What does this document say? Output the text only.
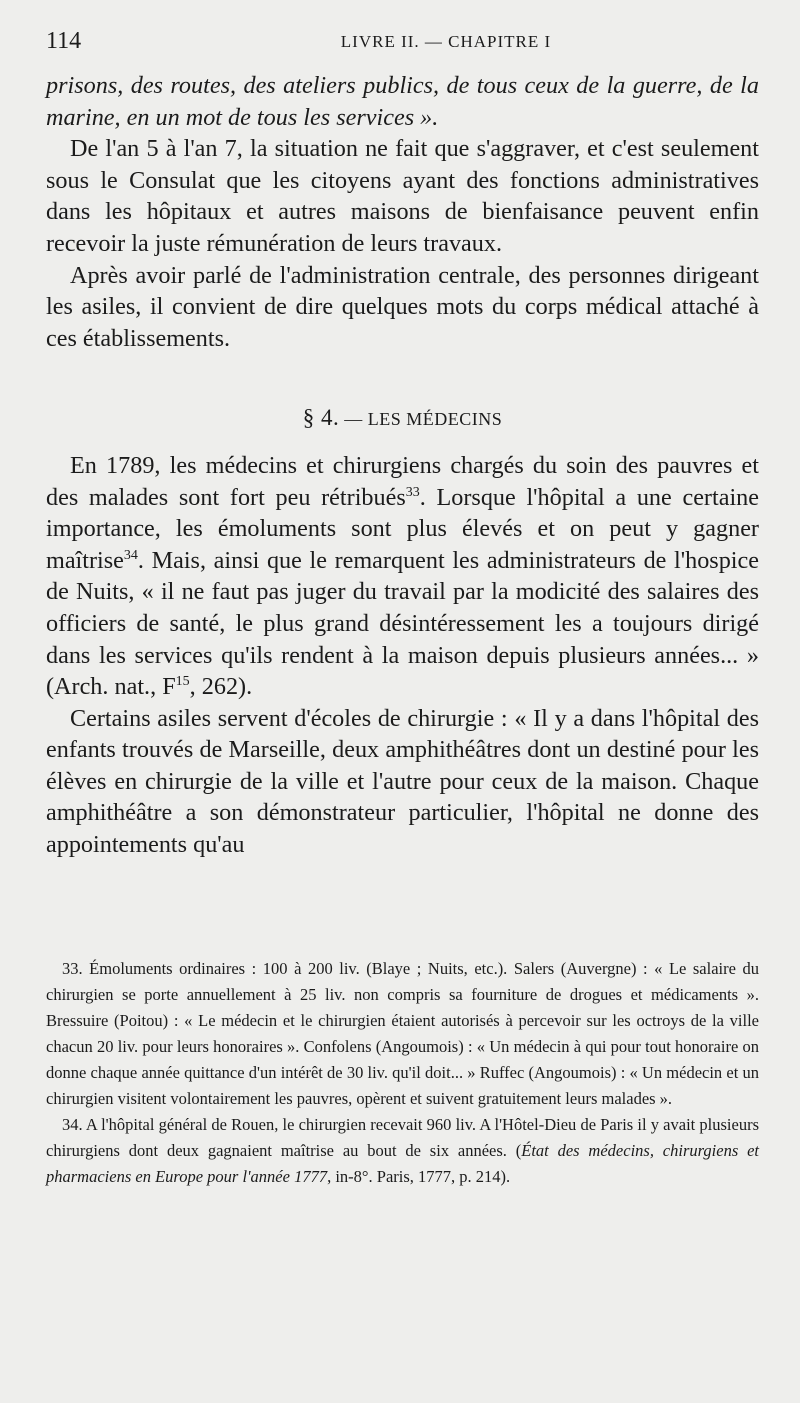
114	LIVRE II. — CHAPITRE I

prisons, des routes, des ateliers publics, de tous ceux de la guerre, de la marine, en un mot de tous les services ».

De l'an 5 à l'an 7, la situation ne fait que s'aggraver, et c'est seulement sous le Consulat que les citoyens ayant des fonctions administratives dans les hôpitaux et autres maisons de bienfaisance peuvent enfin recevoir la juste rémunération de leurs travaux.

Après avoir parlé de l'administration centrale, des personnes dirigeant les asiles, il convient de dire quelques mots du corps médical attaché à ces établissements.

§ 4. — LES MÉDECINS

En 1789, les médecins et chirurgiens chargés du soin des pauvres et des malades sont fort peu rétribués$^{33}$. Lorsque l'hôpital a une certaine importance, les émoluments sont plus élevés et on peut y gagner maîtrise$^{34}$. Mais, ainsi que le remarquent les administrateurs de l'hospice de Nuits, « il ne faut pas juger du travail par la modicité des salaires des officiers de santé, le plus grand désintéressement les a toujours dirigé dans les services qu'ils rendent à la maison depuis plusieurs années... » (Arch. nat., $F^{15}$, 262).

Certains asiles servent d'écoles de chirurgie : « Il y a dans l'hôpital des enfants trouvés de Marseille, deux amphithéâtres dont un destiné pour les élèves en chirurgie de la ville et l'autre pour ceux de la maison. Chaque amphithéâtre a son démonstrateur particulier, l'hôpital ne donne des appointements qu'au

33. Émoluments ordinaires : 100 à 200 liv. (Blaye ; Nuits, etc.). Salers (Auvergne) : « Le salaire du chirurgien se porte annuellement à 25 liv. non compris sa fourniture de drogues et médicaments ». Bressuire (Poitou) : « Le médecin et le chirurgien étaient autorisés à percevoir sur les octroys de la ville chacun 20 liv. pour leurs honoraires ». Confolens (Angoumois) : « Un médecin à qui pour tout honoraire on donne chaque année quittance d'un intérêt de 30 liv. qu'il doit... » Ruffec (Angoumois) : « Un médecin et un chirurgien visitent volontairement les pauvres, opèrent et suivent gratuitement leurs malades ».

34. A l'hôpital général de Rouen, le chirurgien recevait 960 liv. A l'Hôtel-Dieu de Paris il y avait plusieurs chirurgiens dont deux gagnaient maîtrise au bout de six années. (État des médecins, chirurgiens et pharmaciens en Europe pour l'année 1777, in-8°. Paris, 1777, p. 214).
